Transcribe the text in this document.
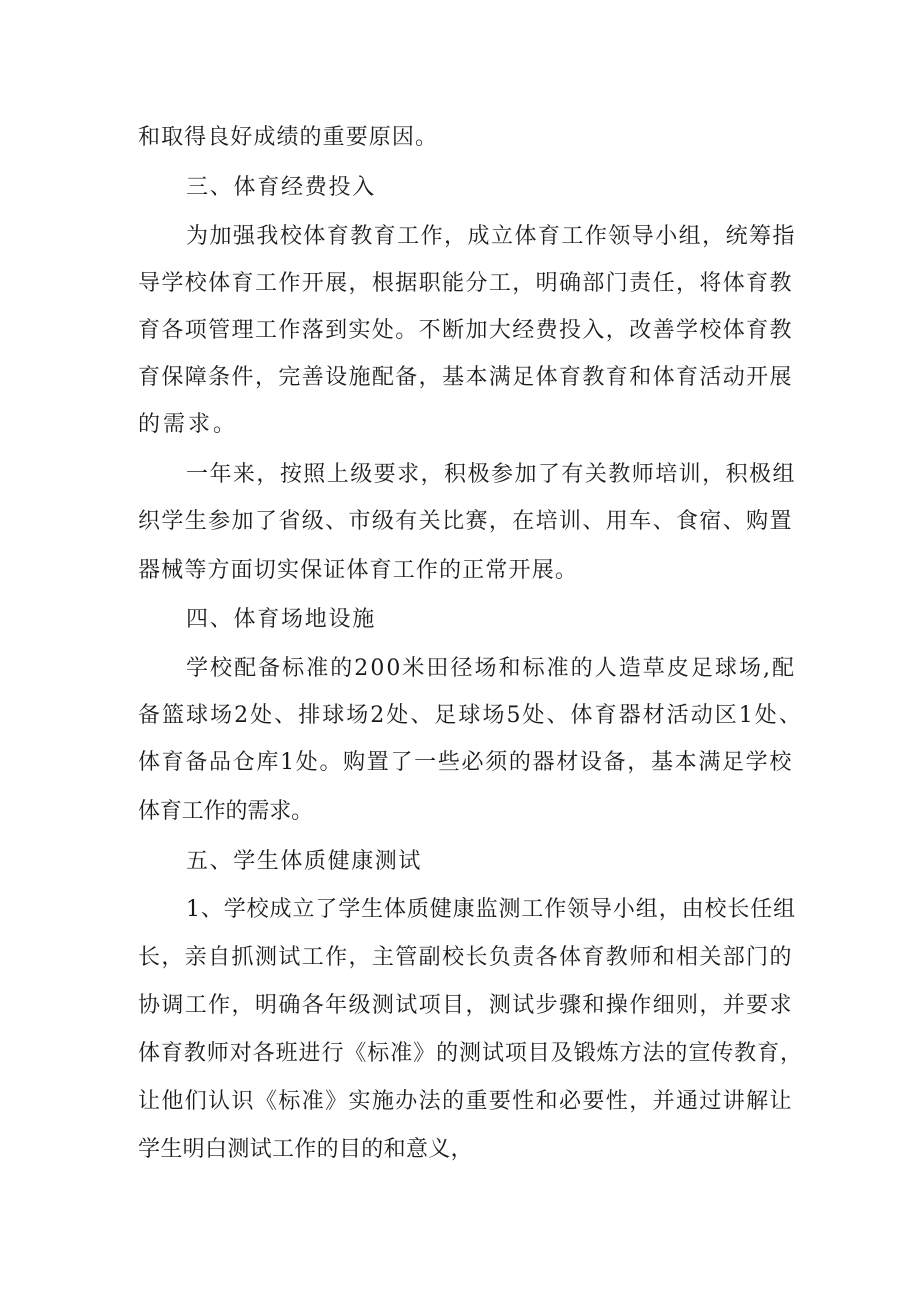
和取得良好成绩的重要原因。
三、体育经费投入
为加强我校体育教育工作，成立体育工作领导小组，统筹指
导学校体育工作开展，根据职能分工，明确部门责任，将体育教
育各项管理工作落到实处。不断加大经费投入，改善学校体育教
育保障条件，完善设施配备，基本满足体育教育和体育活动开展
的需求。
一年来，按照上级要求，积极参加了有关教师培训，积极组
织学生参加了省级、市级有关比赛，在培训、用车、食宿、购置
器械等方面切实保证体育工作的正常开展。
四、体育场地设施
学校配备标准的200米田径场和标准的人造草皮足球场,配
备篮球场2处、排球场2处、足球场5处、体育器材活动区1处、
体育备品仓库1处。购置了一些必须的器材设备，基本满足学校
体育工作的需求。
五、学生体质健康测试
1、学校成立了学生体质健康监测工作领导小组，由校长任组
长，亲自抓测试工作，主管副校长负责各体育教师和相关部门的
协调工作，明确各年级测试项目，测试步骤和操作细则，并要求
体育教师对各班进行《标准》的测试项目及锻炼方法的宣传教育，
让他们认识《标准》实施办法的重要性和必要性，并通过讲解让
学生明白测试工作的目的和意义，
